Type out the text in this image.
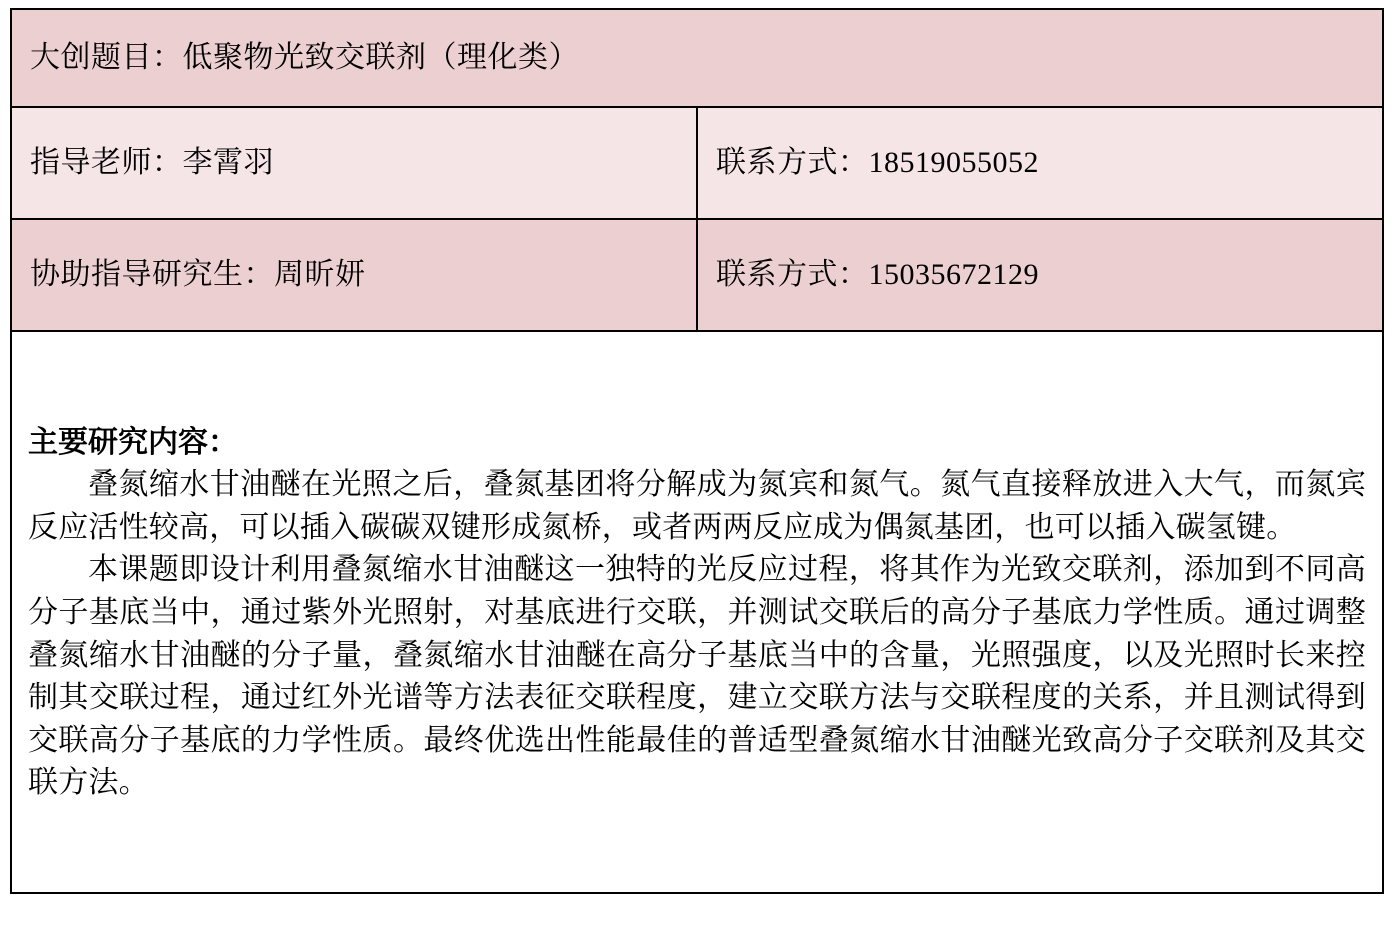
大创题目：低聚物光致交联剂（理化类）	

指导老师：李霄羽	联系方式：18519055052

协助指导研究生：周昕妍	联系方式：15035672129

主要研究内容：

叠氮缩水甘油醚在光照之后，叠氮基团将分解成为氮宾和氮气。氮气直接释放进入大气，而氮宾反应活性较高，可以插入碳碳双键形成氮桥，或者两两反应成为偶氮基团，也可以插入碳氢键。

本课题即设计利用叠氮缩水甘油醚这一独特的光反应过程，将其作为光致交联剂，添加到不同高分子基底当中，通过紫外光照射，对基底进行交联，并测试交联后的高分子基底力学性质。通过调整叠氮缩水甘油醚的分子量，叠氮缩水甘油醚在高分子基底当中的含量，光照强度，以及光照时长来控制其交联过程，通过红外光谱等方法表征交联程度，建立交联方法与交联程度的关系，并且测试得到交联高分子基底的力学性质。最终优选出性能最佳的普适型叠氮缩水甘油醚光致高分子交联剂及其交联方法。	
